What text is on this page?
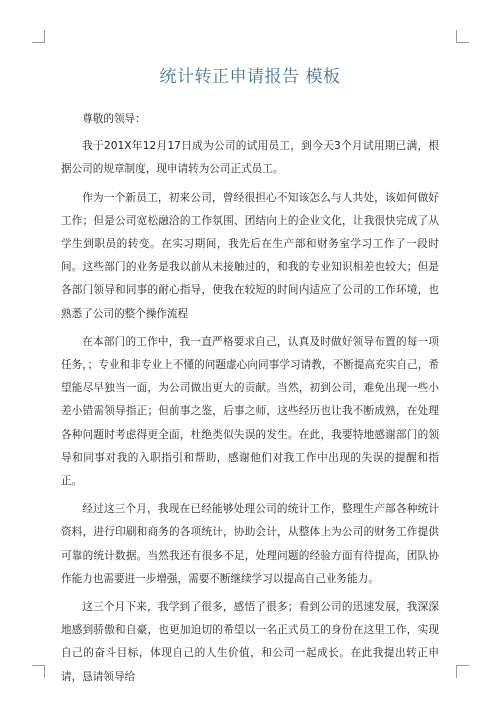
统计转正申请报告 模板

尊敬的领导：

我于201X年12月17日成为公司的试用员工，到今天3个月试用期已满，根据公司的规章制度，现申请转为公司正式员工。

作为一个新员工，初来公司，曾经很担心不知该怎么与人共处，该如何做好工作；但是公司宽松融洽的工作氛围、团结向上的企业文化，让我很快完成了从学生到职员的转变。在实习期间，我先后在生产部和财务室学习工作了一段时间。这些部门的业务是我以前从未接触过的，和我的专业知识相差也较大；但是各部门领导和同事的耐心指导，使我在较短的时间内适应了公司的工作环境，也熟悉了公司的整个操作流程

在本部门的工作中，我一直严格要求自己，认真及时做好领导布置的每一项任务，；专业和非专业上不懂的问题虚心向同事学习请教，不断提高充实自己，希望能尽早独当一面，为公司做出更大的贡献。当然，初到公司，难免出现一些小差小错需领导指正；但前事之鉴，后事之师，这些经历也让我不断成熟，在处理各种问题时考虑得更全面，杜绝类似失误的发生。在此，我要特地感谢部门的领导和同事对我的入职指引和帮助，感谢他们对我工作中出现的失误的提醒和指正。

经过这三个月，我现在已经能够处理公司的统计工作，整理生产部各种统计资料，进行印刷和商务的各项统计，协助会计，从整体上为公司的财务工作提供可靠的统计数据。当然我还有很多不足，处理问题的经验方面有待提高，团队协作能力也需要进一步增强，需要不断继续学习以提高自己业务能力。

这三个月下来，我学到了很多，感悟了很多；看到公司的迅速发展，我深深地感到骄傲和自豪，也更加迫切的希望以一名正式员工的身份在这里工作，实现自己的奋斗目标，体现自己的人生价值，和公司一起成长。在此我提出转正申请，恳请领导给
